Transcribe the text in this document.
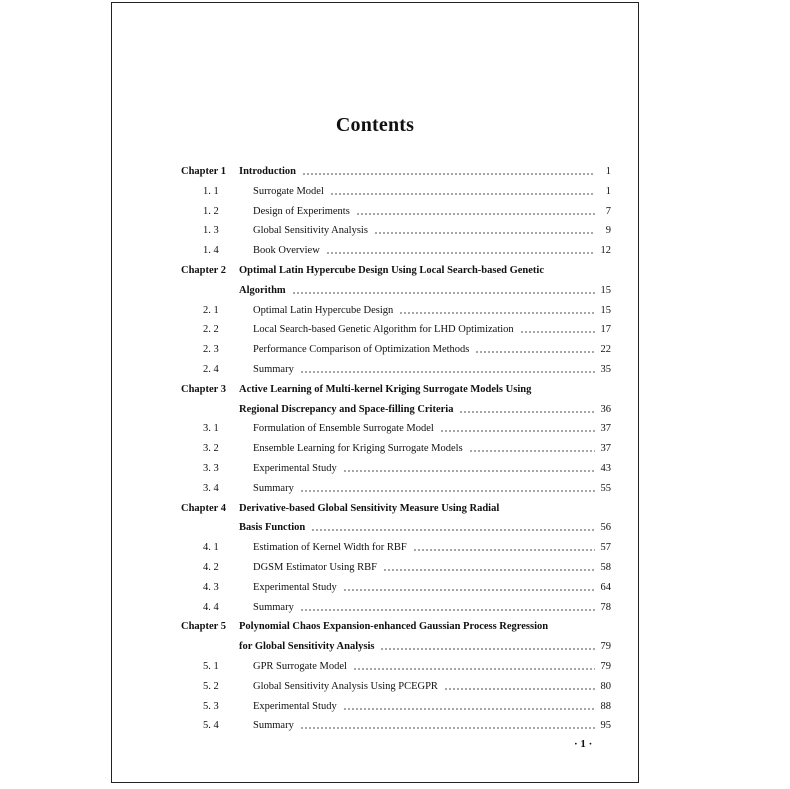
Contents
Chapter 1	Introduction	1
1. 1	Surrogate Model	1
1. 2	Design of Experiments	7
1. 3	Global Sensitivity Analysis	9
1. 4	Book Overview	12
Chapter 2	Optimal Latin Hypercube Design Using Local Search-based Genetic
Algorithm	15
2. 1	Optimal Latin Hypercube Design	15
2. 2	Local Search-based Genetic Algorithm for LHD Optimization	17
2. 3	Performance Comparison of Optimization Methods	22
2. 4	Summary	35
Chapter 3	Active Learning of Multi-kernel Kriging Surrogate Models Using
Regional Discrepancy and Space-filling Criteria	36
3. 1	Formulation of Ensemble Surrogate Model	37
3. 2	Ensemble Learning for Kriging Surrogate Models	37
3. 3	Experimental Study	43
3. 4	Summary	55
Chapter 4	Derivative-based Global Sensitivity Measure Using Radial
Basis Function	56
4. 1	Estimation of Kernel Width for RBF	57
4. 2	DGSM Estimator Using RBF	58
4. 3	Experimental Study	64
4. 4	Summary	78
Chapter 5	Polynomial Chaos Expansion-enhanced Gaussian Process Regression
for Global Sensitivity Analysis	79
5. 1	GPR Surrogate Model	79
5. 2	Global Sensitivity Analysis Using PCEGPR	80
5. 3	Experimental Study	88
5. 4	Summary	95
· 1 ·
